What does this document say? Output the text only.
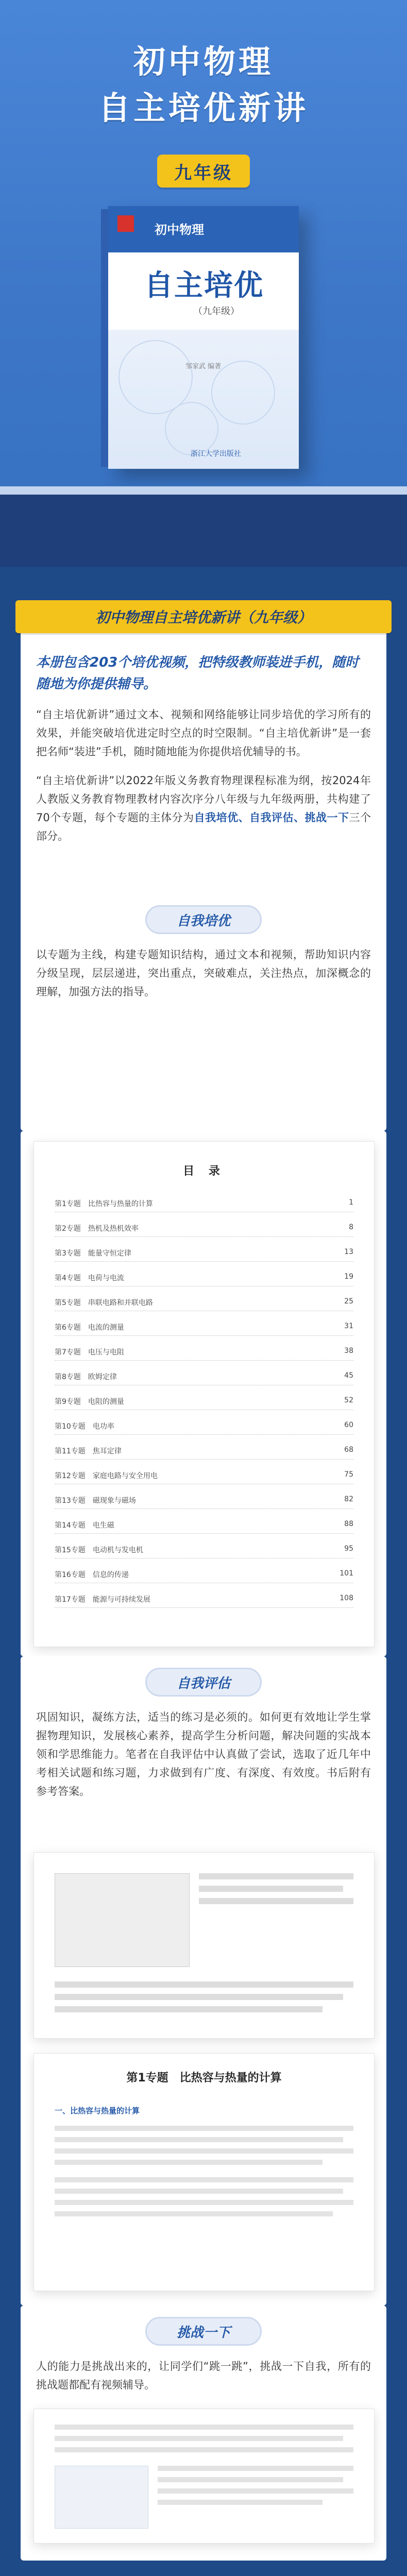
初中物理
自主培优新讲
九年级
初中物理
自主培优
（九年级）
邹家武 编著
浙江大学出版社
初中物理自主培优新讲（九年级）
本册包含203个培优视频，把特级教师装进手机，随时随地为你提供辅导。
“自主培优新讲”通过文本、视频和网络能够让同步培优的学习所有的效果，并能突破培优进定时空点的时空限制。“自主培优新讲”是一套把名师“装进”手机，随时随地能为你提供培优辅导的书。
“自主培优新讲”以2022年版义务教育物理课程标准为纲，按2024年人教版义务教育物理教材内容次序分八年级与九年级两册，共构建了70个专题，每个专题的主体分为自我培优、自我评估、挑战一下三个部分。
自我培优
以专题为主线，构建专题知识结构，通过文本和视频，帮助知识内容分级呈现，层层递进，突出重点，突破难点，关注热点，加深概念的理解，加强方法的指导。
目 录
第1专题　比热容与热量的计算	1
第2专题　热机及热机效率	8
第3专题　能量守恒定律	13
第4专题　电荷与电流	19
第5专题　串联电路和并联电路	25
第6专题　电流的测量	31
第7专题　电压与电阻	38
第8专题　欧姆定律	45
第9专题　电阻的测量	52
第10专题　电功率	60
第11专题　焦耳定律	68
第12专题　家庭电路与安全用电	75
第13专题　磁现象与磁场	82
第14专题　电生磁	88
第15专题　电动机与发电机	95
第16专题　信息的传递	101
第17专题　能源与可持续发展	108
自我评估
巩固知识，凝练方法，适当的练习是必须的。如何更有效地让学生掌握物理知识，发展核心素养，提高学生分析问题，解决问题的实战本领和学思维能力。笔者在自我评估中认真做了尝试，选取了近几年中考相关试题和练习题，力求做到有广度、有深度、有效度。书后附有参考答案。
第1专题　比热容与热量的计算
一、比热容与热量的计算
挑战一下
人的能力是挑战出来的，让同学们“跳一跳”，挑战一下自我，所有的挑战题都配有视频辅导。
